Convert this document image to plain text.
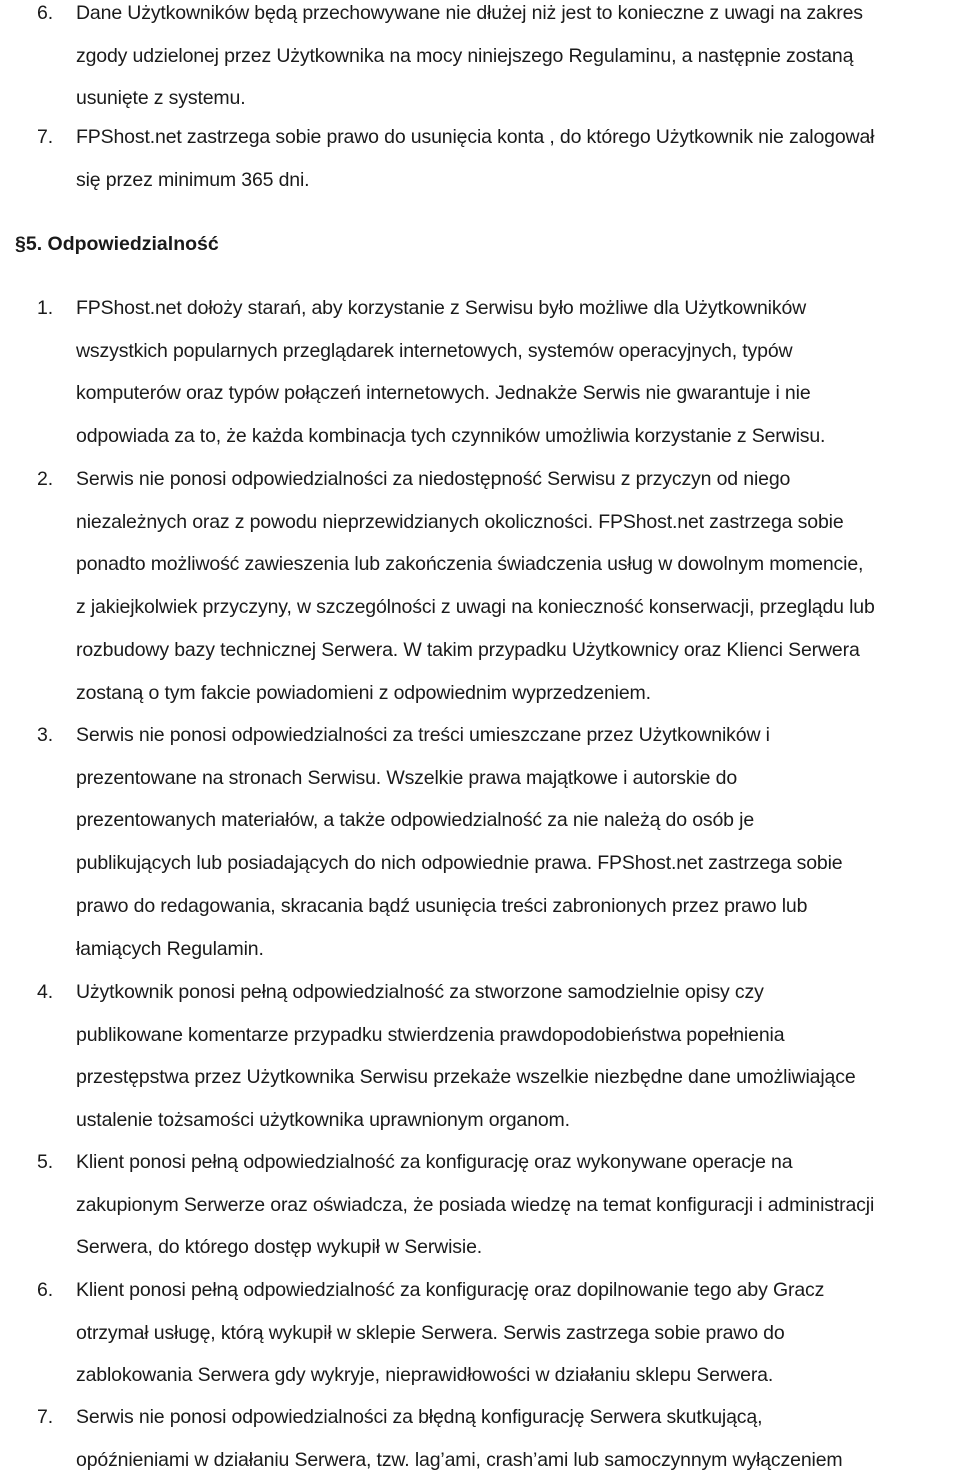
6. Dane Użytkowników będą przechowywane nie dłużej niż jest to konieczne z uwagi na zakres
zgody udzielonej przez Użytkownika na mocy niniejszego Regulaminu, a następnie zostaną
usunięte z systemu.
7. FPShost.net zastrzega sobie prawo do usunięcia konta , do którego Użytkownik nie zalogował
się przez minimum 365 dni.
§5. Odpowiedzialność
1. FPShost.net dołoży starań, aby korzystanie z Serwisu było możliwe dla Użytkowników
wszystkich popularnych przeglądarek internetowych, systemów operacyjnych, typów
komputerów oraz typów połączeń internetowych. Jednakże Serwis nie gwarantuje i nie
odpowiada za to, że każda kombinacja tych czynników umożliwia korzystanie z Serwisu.
2. Serwis nie ponosi odpowiedzialności za niedostępność Serwisu z przyczyn od niego
niezależnych oraz z powodu nieprzewidzianych okoliczności. FPShost.net zastrzega sobie
ponadto możliwość zawieszenia lub zakończenia świadczenia usług w dowolnym momencie,
z jakiejkolwiek przyczyny, w szczególności z uwagi na konieczność konserwacji, przeglądu lub
rozbudowy bazy technicznej Serwera. W takim przypadku Użytkownicy oraz Klienci Serwera
zostaną o tym fakcie powiadomieni z odpowiednim wyprzedzeniem.
3. Serwis nie ponosi odpowiedzialności za treści umieszczane przez Użytkowników i
prezentowane na stronach Serwisu. Wszelkie prawa majątkowe i autorskie do
prezentowanych materiałów, a także odpowiedzialność za nie należą do osób je
publikujących lub posiadających do nich odpowiednie prawa. FPShost.net zastrzega sobie
prawo do redagowania, skracania bądź usunięcia treści zabronionych przez prawo lub
łamiących Regulamin.
4. Użytkownik ponosi pełną odpowiedzialność za stworzone samodzielnie opisy czy
publikowane komentarze przypadku stwierdzenia prawdopodobieństwa popełnienia
przestępstwa przez Użytkownika Serwisu przekaże wszelkie niezbędne dane umożliwiające
ustalenie tożsamości użytkownika uprawnionym organom.
5. Klient ponosi pełną odpowiedzialność za konfigurację oraz wykonywane operacje na
zakupionym Serwerze oraz oświadcza, że posiada wiedzę na temat konfiguracji i administracji
Serwera, do którego dostęp wykupił w Serwisie.
6. Klient ponosi pełną odpowiedzialność za konfigurację oraz dopilnowanie tego aby Gracz
otrzymał usługę, którą wykupił w sklepie Serwera. Serwis zastrzega sobie prawo do
zablokowania Serwera gdy wykryje, nieprawidłowości w działaniu sklepu Serwera.
7. Serwis nie ponosi odpowiedzialności za błędną konfigurację Serwera skutkującą,
opóźnieniami w działaniu Serwera, tzw. lag’ami, crash’ami lub samoczynnym wyłączeniem
